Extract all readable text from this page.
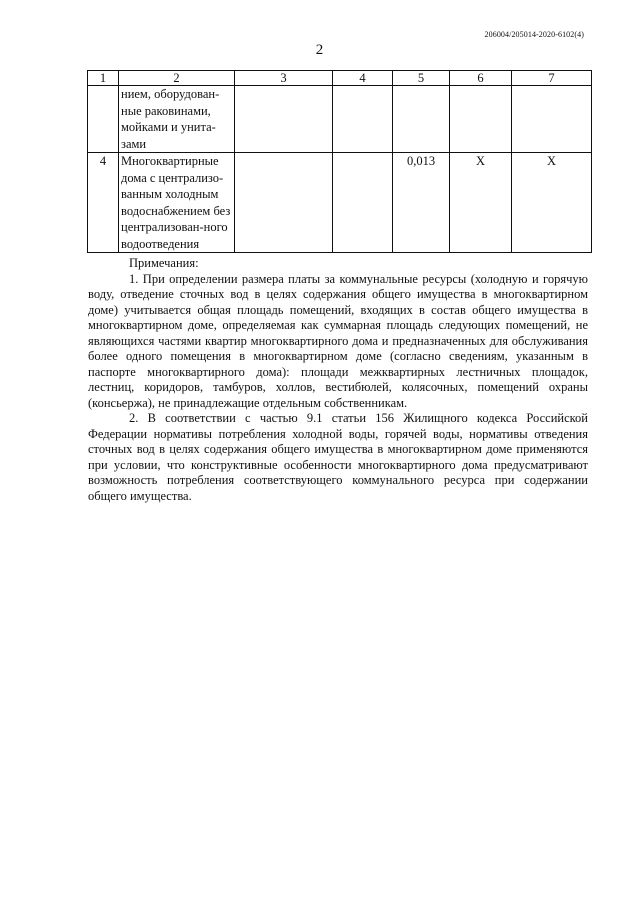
206004/205014-2020-6102(4)
2
1	2	3	4	5	6	7
	нием, оборудован-ные раковинами, мойками и унита-зами					
4	Многоквартирные дома с централизо-ванным холодным водоснабжением без централизован-ного водоотведения			0,013	X	X
Примечания:

1. При определении размера платы за коммунальные ресурсы (холодную и горячую воду, отведение сточных вод в целях содержания общего имущества в многоквартирном доме) учитывается общая площадь помещений, входящих в состав общего имущества в многоквартирном доме, определяемая как суммарная площадь следующих помещений, не являющихся частями квартир многоквартирного дома и предназначенных для обслуживания более одного помещения в многоквартирном доме (согласно сведениям, указанным в паспорте многоквартирного дома): площади межквартирных лестничных площадок, лестниц, коридоров, тамбуров, холлов, вестибюлей, колясочных, помещений охраны (консьержа), не принадлежащие отдельным собственникам.

2. В соответствии с частью 9.1 статьи 156 Жилищного кодекса Российской Федерации нормативы потребления холодной воды, горячей воды, нормативы отведения сточных вод в целях содержания общего имущества в многоквартирном доме применяются при условии, что конструктивные особенности многоквартирного дома предусматривают возможность потребления соответствующего коммунального ресурса при содержании общего имущества.
